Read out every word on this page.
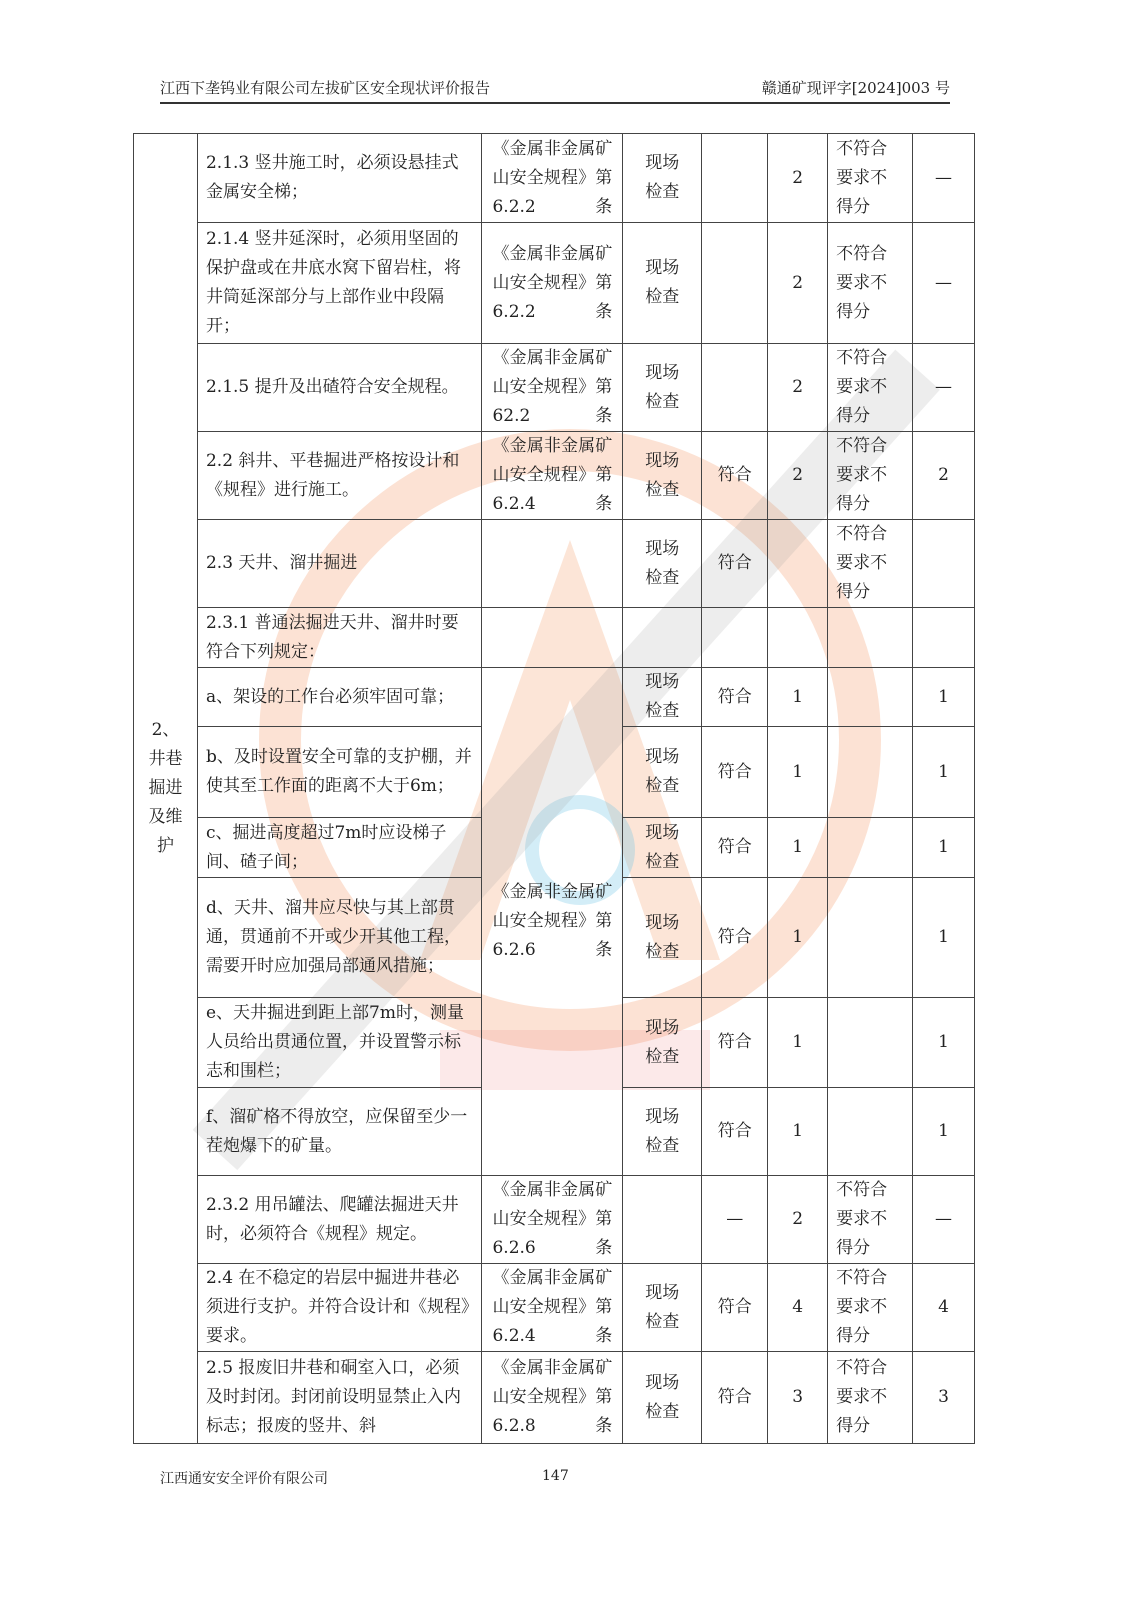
江西下垄钨业有限公司左拔矿区安全现状评价报告	赣通矿现评字[2024]003 号
2、井巷掘进及维护	2.1.3 竖井施工时，必须设悬挂式金属安全梯；	《金属非金属矿山安全规程》第6.2.2条	现场检查		2	不符合要求不得分	—
	2.1.4 竖井延深时，必须用坚固的保护盘或在井底水窝下留岩柱，将井筒延深部分与上部作业中段隔开；	《金属非金属矿山安全规程》第6.2.2条	现场检查		2	不符合要求不得分	—
	2.1.5 提升及出碴符合安全规程。	《金属非金属矿山安全规程》第62.2条	现场检查		2	不符合要求不得分	—
	2.2 斜井、平巷掘进严格按设计和《规程》进行施工。	《金属非金属矿山安全规程》第6.2.4条	现场检查	符合	2	不符合要求不得分	2
	2.3 天井、溜井掘进		现场检查	符合		不符合要求不得分	
	2.3.1 普通法掘进天井、溜井时要符合下列规定：						
	a、架设的工作台必须牢固可靠；	《金属非金属矿山安全规程》第6.2.6条	现场检查	符合	1		1
	b、及时设置安全可靠的支护棚，并使其至工作面的距离不大于6m；		现场检查	符合	1		1
	c、掘进高度超过7m时应设梯子间、碴子间；		现场检查	符合	1		1
	d、天井、溜井应尽快与其上部贯通，贯通前不开或少开其他工程，需要开时应加强局部通风措施；		现场检查	符合	1		1
	e、天井掘进到距上部7m时，测量人员给出贯通位置，并设置警示标志和围栏；		现场检查	符合	1		1
	f、溜矿格不得放空，应保留至少一茬炮爆下的矿量。		现场检查	符合	1		1
	2.3.2 用吊罐法、爬罐法掘进天井时，必须符合《规程》规定。	《金属非金属矿山安全规程》第6.2.6条		—	2	不符合要求不得分	—
	2.4 在不稳定的岩层中掘进井巷必须进行支护。并符合设计和《规程》要求。	《金属非金属矿山安全规程》第6.2.4条	现场检查	符合	4	不符合要求不得分	4
	2.5 报废旧井巷和硐室入口，必须及时封闭。封闭前设明显禁止入内标志；报废的竖井、斜	《金属非金属矿山安全规程》第6.2.8条	现场检查	符合	3	不符合要求不得分	3
江西通安安全评价有限公司	147
